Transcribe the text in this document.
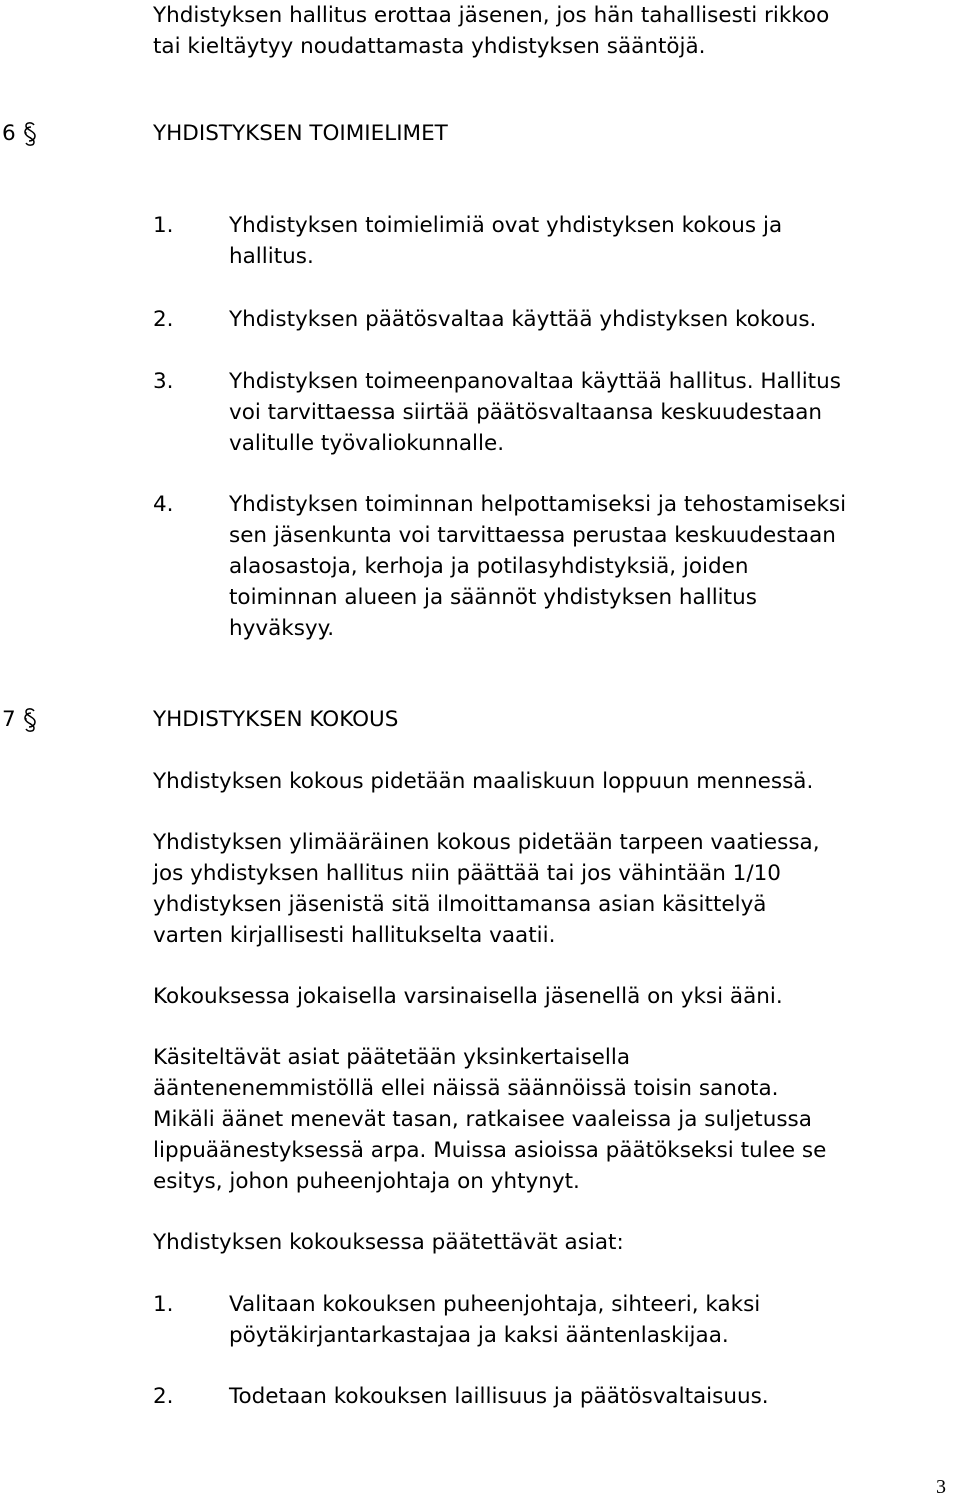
Yhdistyksen hallitus erottaa jäsenen, jos hän tahallisesti rikkoo
tai kieltäytyy noudattamasta yhdistyksen sääntöjä.
6	YHDISTYKSEN TOIMIELIMET
1.	Yhdistyksen toimielimiä ovat yhdistyksen kokous ja
hallitus.
2.	Yhdistyksen päätösvaltaa käyttää yhdistyksen kokous.
3.	Yhdistyksen toimeenpanovaltaa käyttää hallitus. Hallitus
voi tarvittaessa siirtää päätösvaltaansa keskuudestaan
valitulle työvaliokunnalle.
4.	Yhdistyksen toiminnan helpottamiseksi ja tehostamiseksi
sen jäsenkunta voi tarvittaessa perustaa keskuudestaan
alaosastoja, kerhoja ja potilasyhdistyksiä, joiden
toiminnan alueen ja säännöt yhdistyksen hallitus
hyväksyy.
7	YHDISTYKSEN KOKOUS
Yhdistyksen kokous pidetään maaliskuun loppuun mennessä.
Yhdistyksen ylimääräinen kokous pidetään tarpeen vaatiessa,
jos yhdistyksen hallitus niin päättää tai jos vähintään 1/10
yhdistyksen jäsenistä sitä ilmoittamansa asian käsittelyä
varten kirjallisesti hallitukselta vaatii.
Kokouksessa jokaisella varsinaisella jäsenellä on yksi ääni.
Käsiteltävät asiat päätetään yksinkertaisella
ääntenenemmistöllä ellei näissä säännöissä toisin sanota.
Mikäli äänet menevät tasan, ratkaisee vaaleissa ja suljetussa
lippuäänestyksessä arpa. Muissa asioissa päätökseksi tulee se
esitys, johon puheenjohtaja on yhtynyt.
Yhdistyksen kokouksessa päätettävät asiat:
1.	Valitaan kokouksen puheenjohtaja, sihteeri, kaksi
pöytäkirjantarkastajaa ja kaksi ääntenlaskijaa.
2.	Todetaan kokouksen laillisuus ja päätösvaltaisuus.
3
